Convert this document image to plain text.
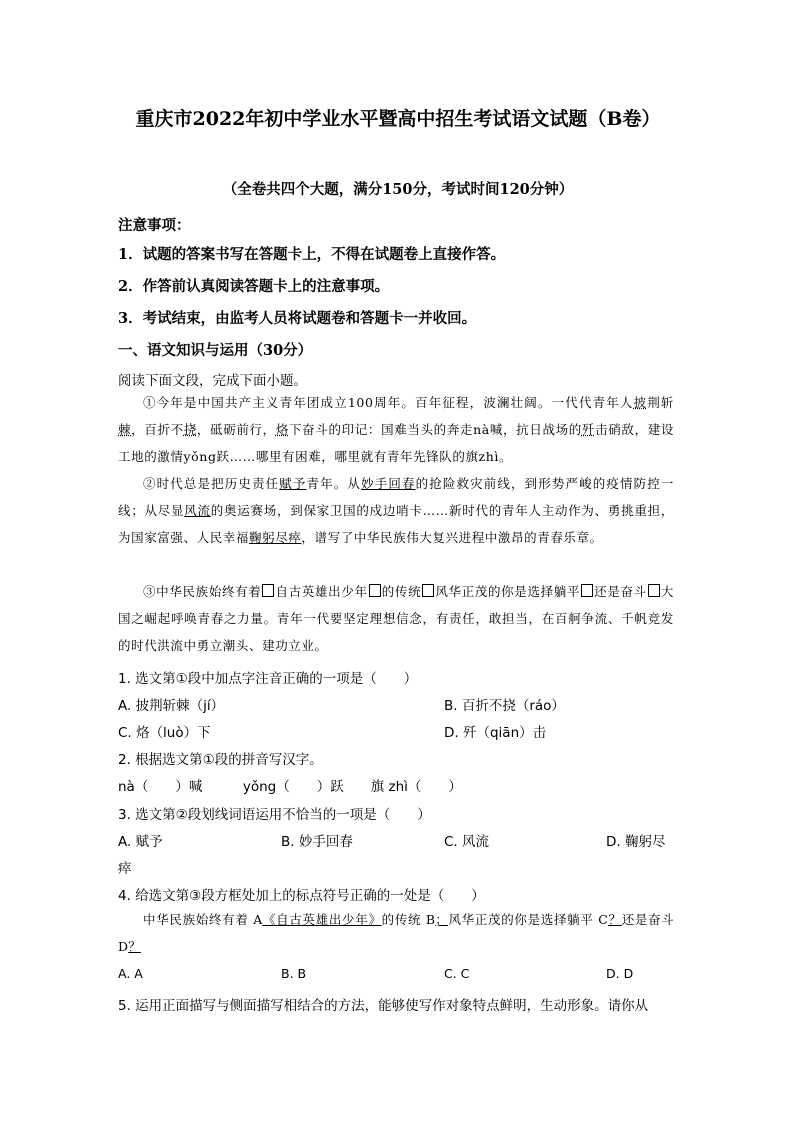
重庆市2022年初中学业水平暨高中招生考试语文试题（B卷）
（全卷共四个大题，满分150分，考试时间120分钟）
注意事项：
1．试题的答案书写在答题卡上，不得在试题卷上直接作答。
2．作答前认真阅读答题卡上的注意事项。
3．考试结束，由监考人员将试题卷和答题卡一并收回。
一、语文知识与运用（30分）
阅读下面文段，完成下面小题。
①今年是中国共产主义青年团成立100周年。百年征程，波澜壮阔。一代代青年人披荆斩棘，百折不挠，砥砺前行，烙下奋斗的印记：国难当头的奔走nà喊，抗日战场的歼击硝敌，建设工地的激情yǒng跃……哪里有困难，哪里就有青年先锋队的旗zhì。
②时代总是把历史责任赋予青年。从妙手回春的抢险救灾前线，到形势严峻的疫情防控一线；从尽显风流的奥运赛场，到保家卫国的戍边哨卡……新时代的青年人主动作为、勇挑重担，为国家富强、人民幸福鞠躬尽瘁，谱写了中华民族伟大复兴进程中激昂的青春乐章。
③中华民族始终有着 自古英雄出少年 的传统 风华正茂的你是选择躺平 还是奋斗 大国之崛起呼唤青春之力量。青年一代要坚定理想信念，有责任，敢担当，在百舸争流、千帆竞发的时代洪流中勇立潮头、建功立业。
1. 选文第①段中加点字注音正确的一项是（　　）
A. 披荆斩棘（jí）	B. 百折不挠（ráo）
C. 烙（luò）下	D. 歼（qiān）击
2. 根据选文第①段的拼音写汉字。
nà（　　）喊　　　yǒng（　　）跃　　旗 zhì（　　）
3. 选文第②段划线词语运用不恰当的一项是（　　）
A. 赋予	B. 妙手回春	C. 风流	D. 鞠躬尽
瘁
4. 给选文第③段方框处加上的标点符号正确的一处是（　　）
中华民族始终有着 A《自古英雄出少年》的传统 B；风华正茂的你是选择躺平 C？还是奋斗 D？
A. A	B. B	C. C	D. D
5. 运用正面描写与侧面描写相结合的方法，能够使写作对象特点鲜明，生动形象。请你从
